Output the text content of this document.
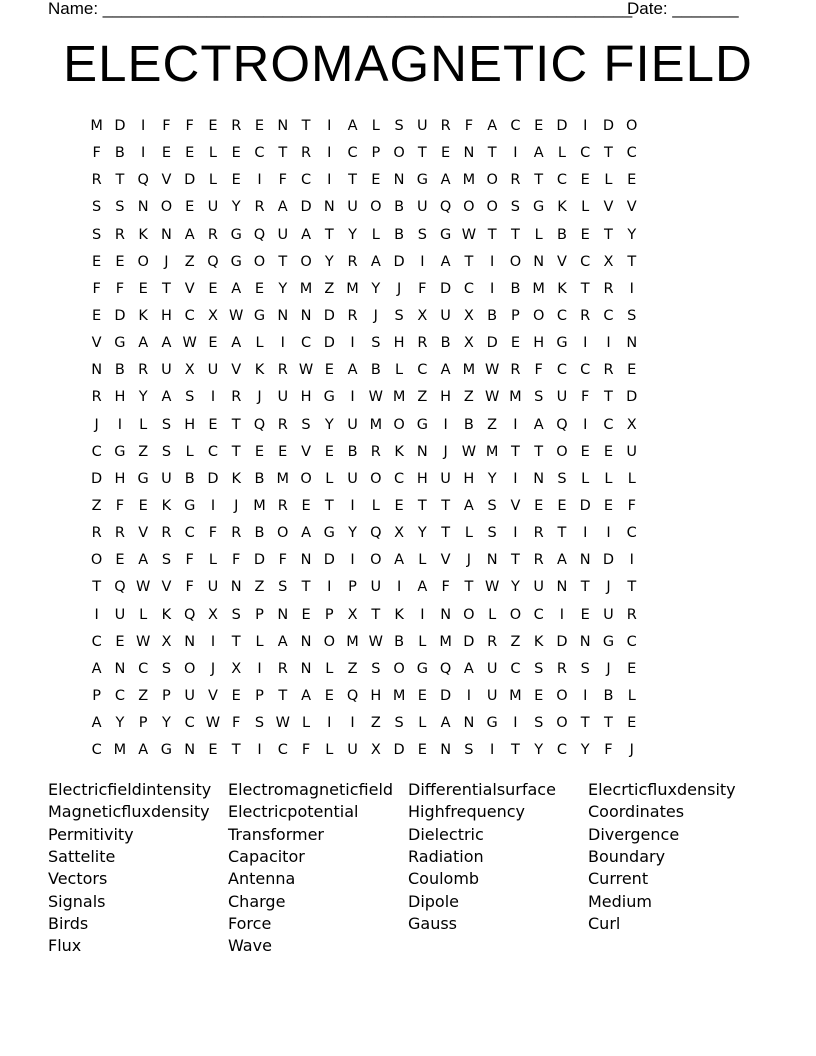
Name: ________________________________________________________
Date: _______
ELECTROMAGNETIC FIELD
M D I F F E R E N T I A L S U R F A C E D I D O
F B I E E L E C T R I C P O T E N T I A L C T C
R T Q V D L E I F C I T E N G A M O R T C E L E
S S N O E U Y R A D N U O B U Q O O S G K L V V
S R K N A R G Q U A T Y L B S G W T T L B E T Y
E E O J Z Q G O T O Y R A D I A T I O N V C X T
F F E T V E A E Y M Z M Y J F D C I B M K T R I
E D K H C X W G N N D R J S X U X B P O C R C S
V G A A W E A L I C D I S H R B X D E H G I I N
N B R U X U V K R W E A B L C A M W R F C C R E
R H Y A S I R J U H G I W M Z H Z W M S U F T D
J I L S H E T Q R S Y U M O G I B Z I A Q I C X
C G Z S L C T E E V E B R K N J W M T T O E E U
D H G U B D K B M O L U O C H U H Y I N S L L L
Z F E K G I J M R E T I L E T T A S V E E D E F
R R V R C F R B O A G Y Q X Y T L S I R T I I C
O E A S F L F D F N D I O A L V J N T R A N D I
T Q W V F U N Z S T I P U I A F T W Y U N T J T
I U L K Q X S P N E P X T K I N O L O C I E U R
C E W X N I T L A N O M W B L M D R Z K D N G C
A N C S O J X I R N L Z S O G Q A U C S R S J E
P C Z P U V E P T A E Q H M E D I U M E O I B L
A Y P Y C W F S W L I I Z S L A N G I S O T T E
C M A G N E T I C F L U X D E N S I T Y C Y F J
Electricfieldintensity Electromagneticfield Differentialsurface Elecrticfluxdensity
Magneticfluxdensity Electricpotential	Highfrequency	Coordinates
Permitivity	Transformer	Dielectric	Divergence
Sattelite	Capacitor	Radiation	Boundary
Vectors	Antenna	Coulomb	Current
Signals	Charge	Dipole	Medium
Birds	Force	Gauss	Curl
Flux	Wave
